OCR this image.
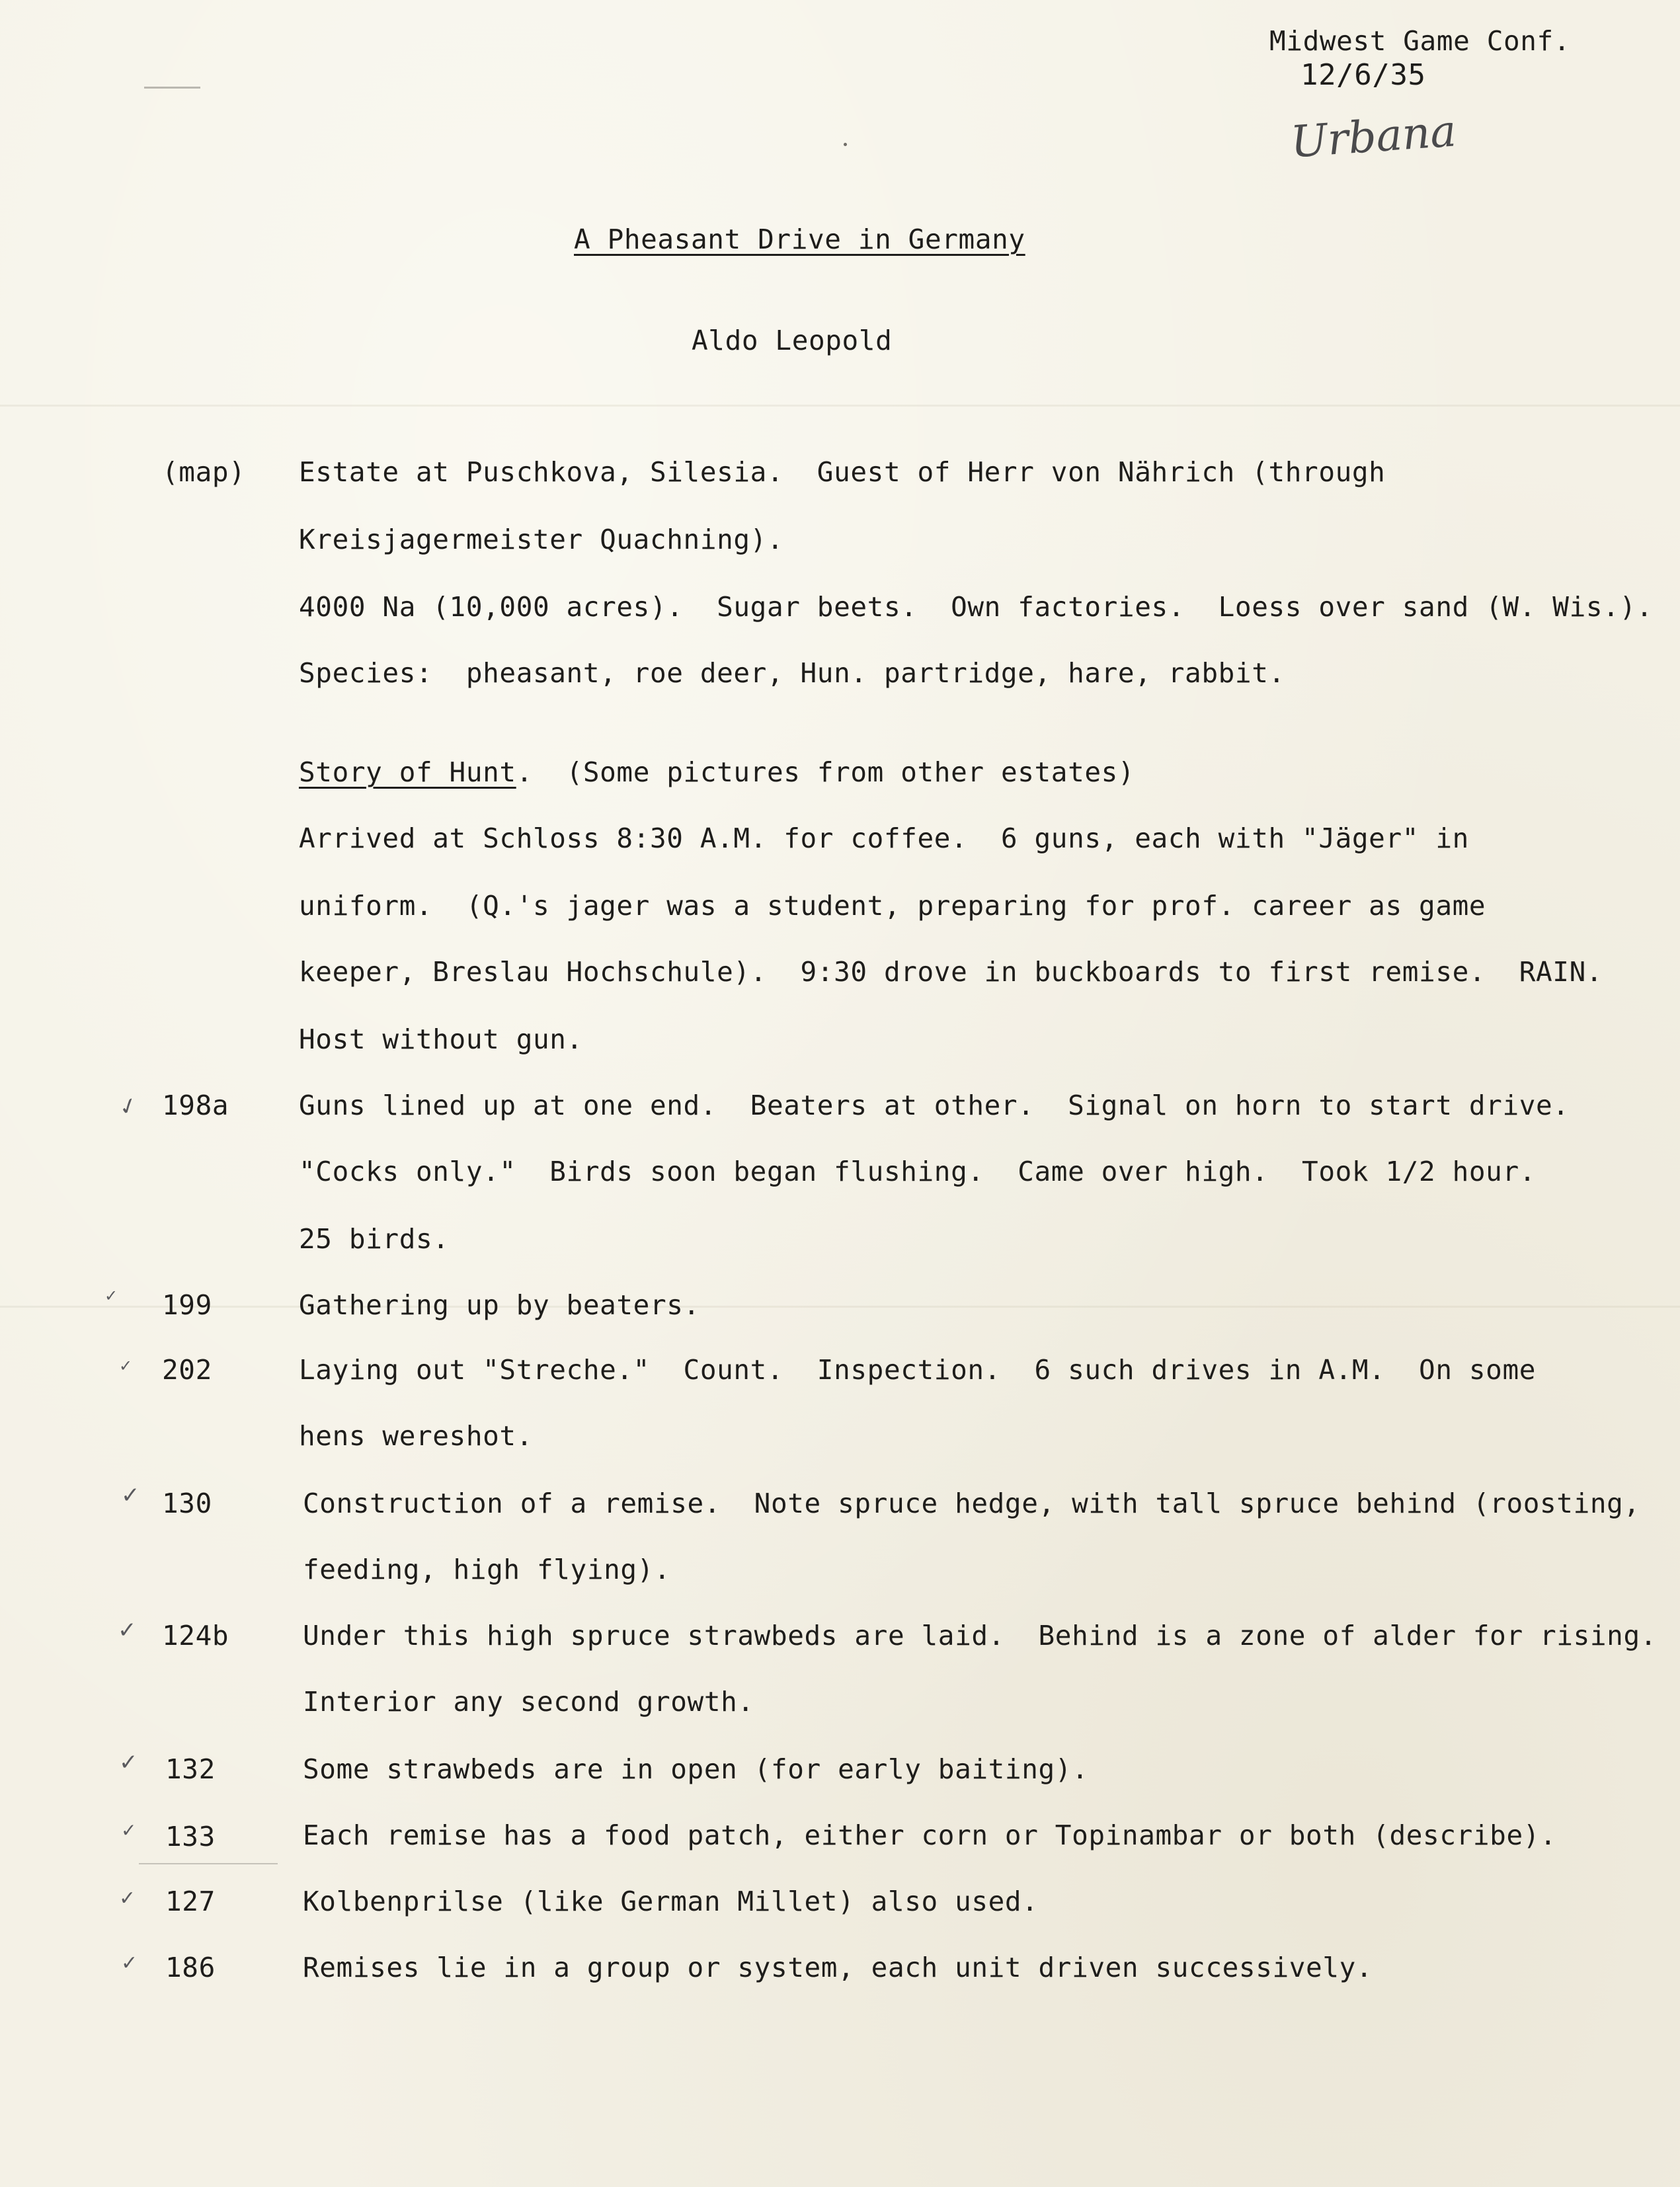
Midwest Game Conf.
12/6/35
Urbana
A Pheasant Drive in Germany
Aldo Leopold
(map) Estate at Puschkova, Silesia.  Guest of Herr von Nährich (through
Kreisjagermeister Quachning).
4000 Na (10,000 acres).  Sugar beets.  Own factories.  Loess over sand (W. Wis.).
Species:  pheasant, roe deer, Hun. partridge, hare, rabbit.
Story of Hunt.  (Some pictures from other estates)
Arrived at Schloss 8:30 A.M. for coffee.  6 guns, each with "Jäger" in
uniform.  (Q.'s jager was a student, preparing for prof. career as game
keeper, Breslau Hochschule).  9:30 drove in buckboards to first remise.  RAIN.
Host without gun.
✓ 198a	Guns lined up at one end.  Beaters at other.  Signal on horn to start drive.
"Cocks only."  Birds soon began flushing.  Came over high.  Took 1/2 hour.
25 birds.
✓ 199	Gathering up by beaters.
✓ 202	Laying out "Streche."  Count.  Inspection.  6 such drives in A.M.  On some
hens wereshot.
✓ 130	Construction of a remise.  Note spruce hedge, with tall spruce behind (roosting,
feeding, high flying).
✓ 124b	Under this high spruce strawbeds are laid.  Behind is a zone of alder for rising.
Interior any second growth.
✓ 132	Some strawbeds are in open (for early baiting).
✓ 133	Each remise has a food patch, either corn or Topinambar or both (describe).
✓ 127	Kolbenprilse (like German Millet) also used.
✓ 186	Remises lie in a group or system, each unit driven successively.
